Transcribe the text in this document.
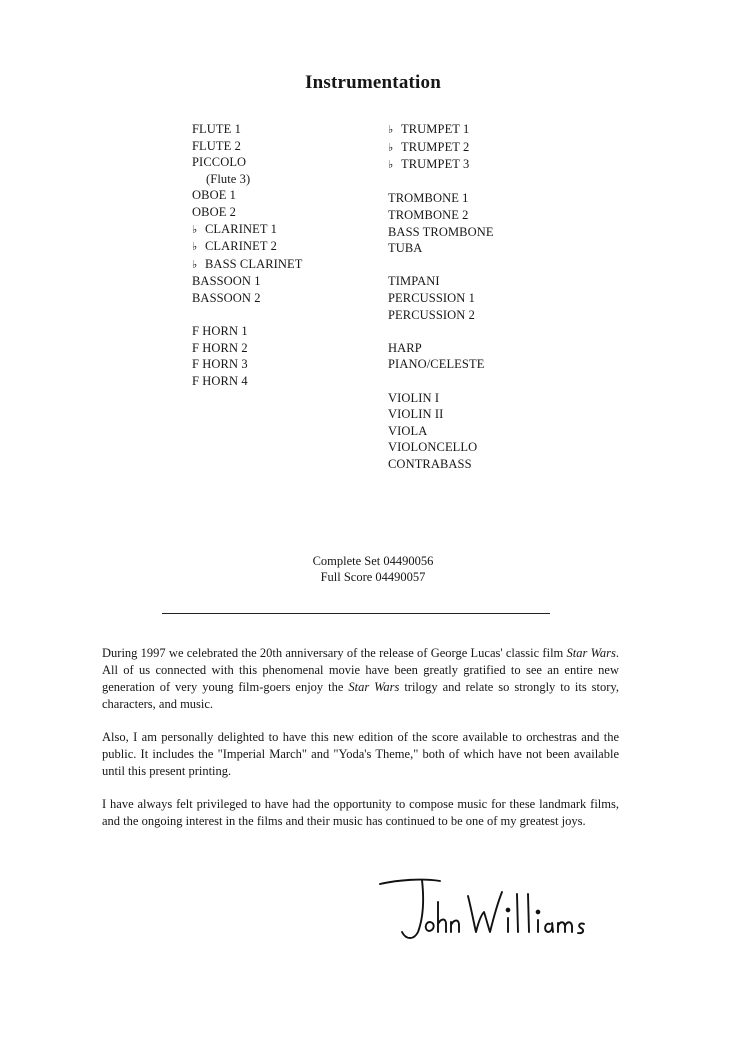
Instrumentation
FLUTE 1
FLUTE 2
PICCOLO
(Flute 3)
OBOE 1
OBOE 2
♭ CLARINET 1
♭ CLARINET 2
♭ BASS CLARINET
BASSOON 1
BASSOON 2
F HORN 1
F HORN 2
F HORN 3
F HORN 4
♭ TRUMPET 1
♭ TRUMPET 2
♭ TRUMPET 3
TROMBONE 1
TROMBONE 2
BASS TROMBONE
TUBA
TIMPANI
PERCUSSION 1
PERCUSSION 2
HARP
PIANO/CELESTE
VIOLIN I
VIOLIN II
VIOLA
VIOLONCELLO
CONTRABASS
Complete Set 04490056
Full Score 04490057

During 1997 we celebrated the 20th anniversary of the release of George Lucas' classic film Star Wars. All of us connected with this phenomenal movie have been greatly gratified to see an entire new generation of very young film-goers enjoy the Star Wars trilogy and relate so strongly to its story, characters, and music.

Also, I am personally delighted to have this new edition of the score available to orchestras and the public. It includes the "Imperial March" and "Yoda's Theme," both of which have not been available until this present printing.

I have always felt privileged to have had the opportunity to compose music for these landmark films, and the ongoing interest in the films and their music has continued to be one of my greatest joys.
